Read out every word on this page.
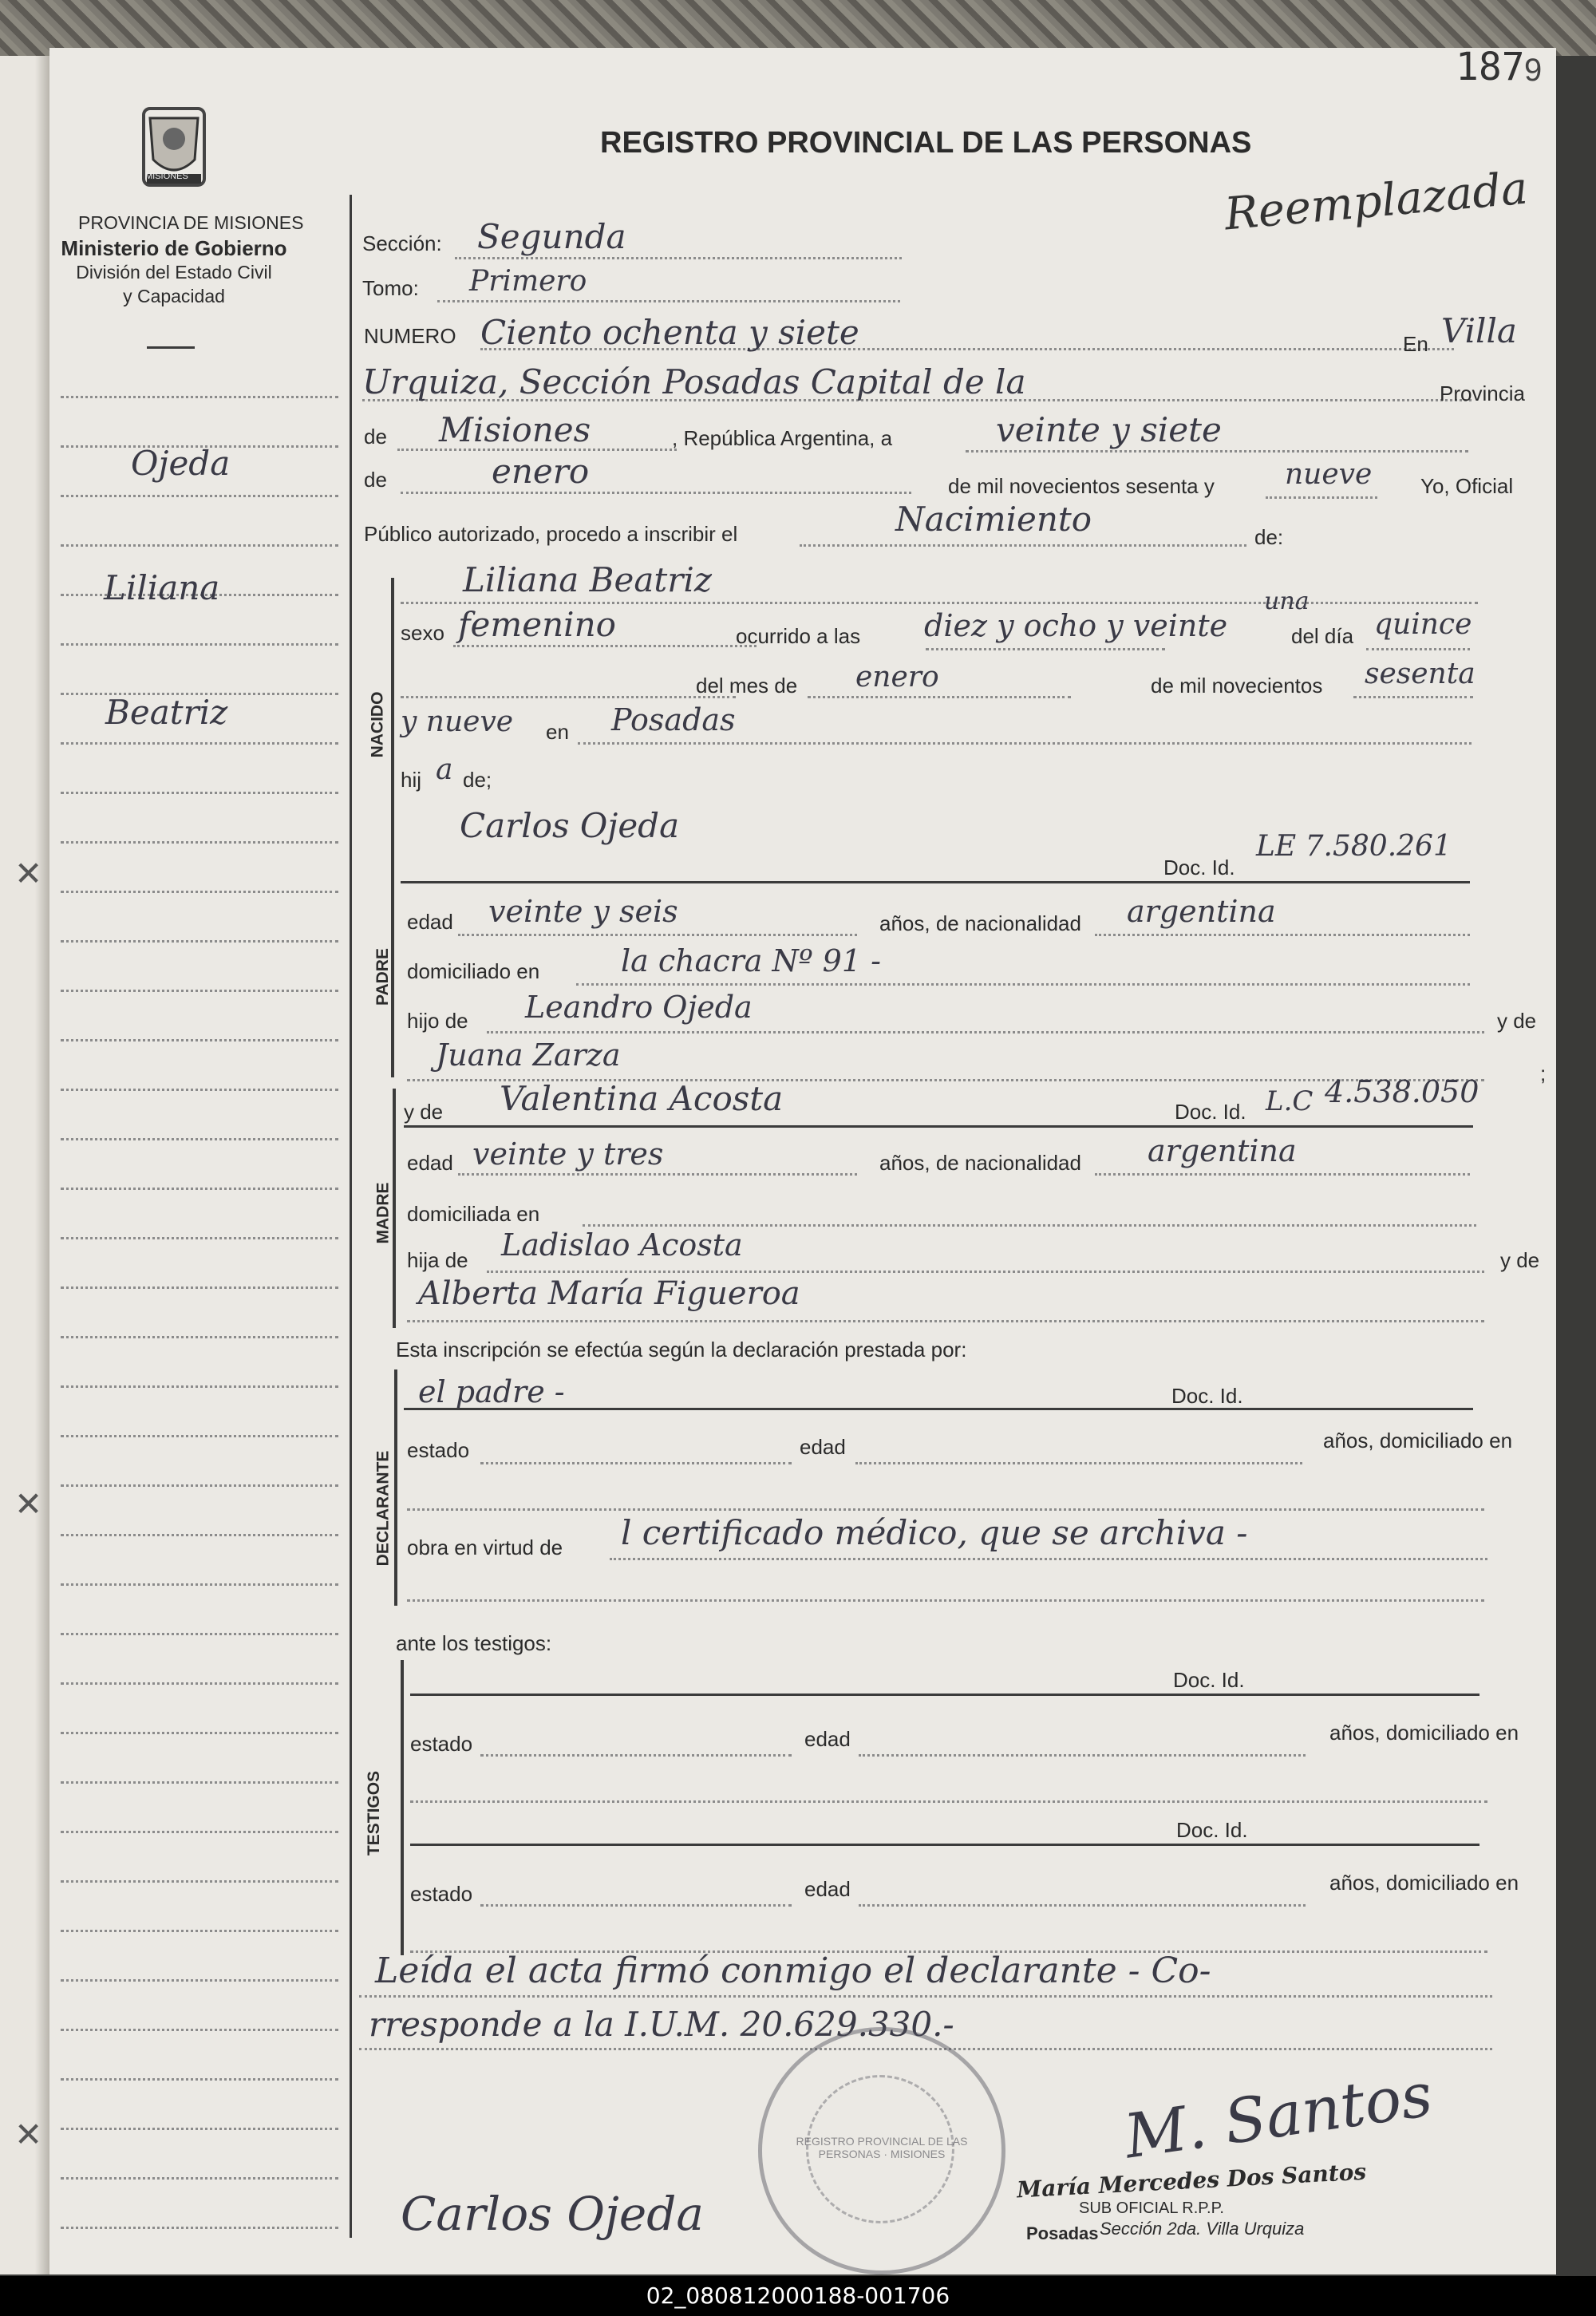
187 9
MISIONES
PROVINCIA DE MISIONES
Ministerio de Gobierno
División del Estado Civil
y Capacidad
REGISTRO PROVINCIAL DE LAS PERSONAS
Reemplazada
Ojeda
Liliana
Beatriz
✕
✕
✕
Sección: Segunda
Tomo: Primero
NUMERO Ciento ochenta y siete	En Villa
Urquiza, Sección Posadas Capital de la	Provincia
de Misiones	, República Argentina, a	veinte y siete
de	enero	de mil novecientos sesenta y nueve Yo, Oficial
Público autorizado, procedo a inscribir el	Nacimiento	de:
NACIDO
Liliana Beatriz
sexo femenino	ocurrido a las diez y ocho y veinte
una
del día quince
del mes de enero	de mil novecientos sesenta
y nueve en Posadas
hij a de;
Carlos Ojeda
Doc. Id.
LE 7.580.261
PADRE
edad veinte y seis	años, de nacionalidad argentina
domiciliado en	la chacra Nº 91 -
hijo de Leandro Ojeda	y de
Juana Zarza
;
y de Valentina Acosta	Doc. Id. L.C 4.538.050
MADRE
edad veinte y tres	años, de nacionalidad argentina
domiciliada en
hija de Ladislao Acosta	y de
Alberta María Figueroa
Esta inscripción se efectúa según la declaración prestada por:
el padre -	Doc. Id.
DECLARANTE
estado	edad	años, domiciliado en
obra en virtud de l certificado médico, que se archiva -
ante los testigos:
Doc. Id.
TESTIGOS
estado	edad	años, domiciliado en
Doc. Id.
estado	edad	años, domiciliado en
Leída el acta firmó conmigo el declarante - Co-
rresponde a la I.U.M. 20.629.330.-
REGISTRO PROVINCIAL DE LAS PERSONAS · MISIONES
Carlos Ojeda
M. Santos
María Mercedes Dos Santos
SUB OFICIAL R.P.P.
Posadas Sección 2da. Villa Urquiza
02_080812000188-001706
